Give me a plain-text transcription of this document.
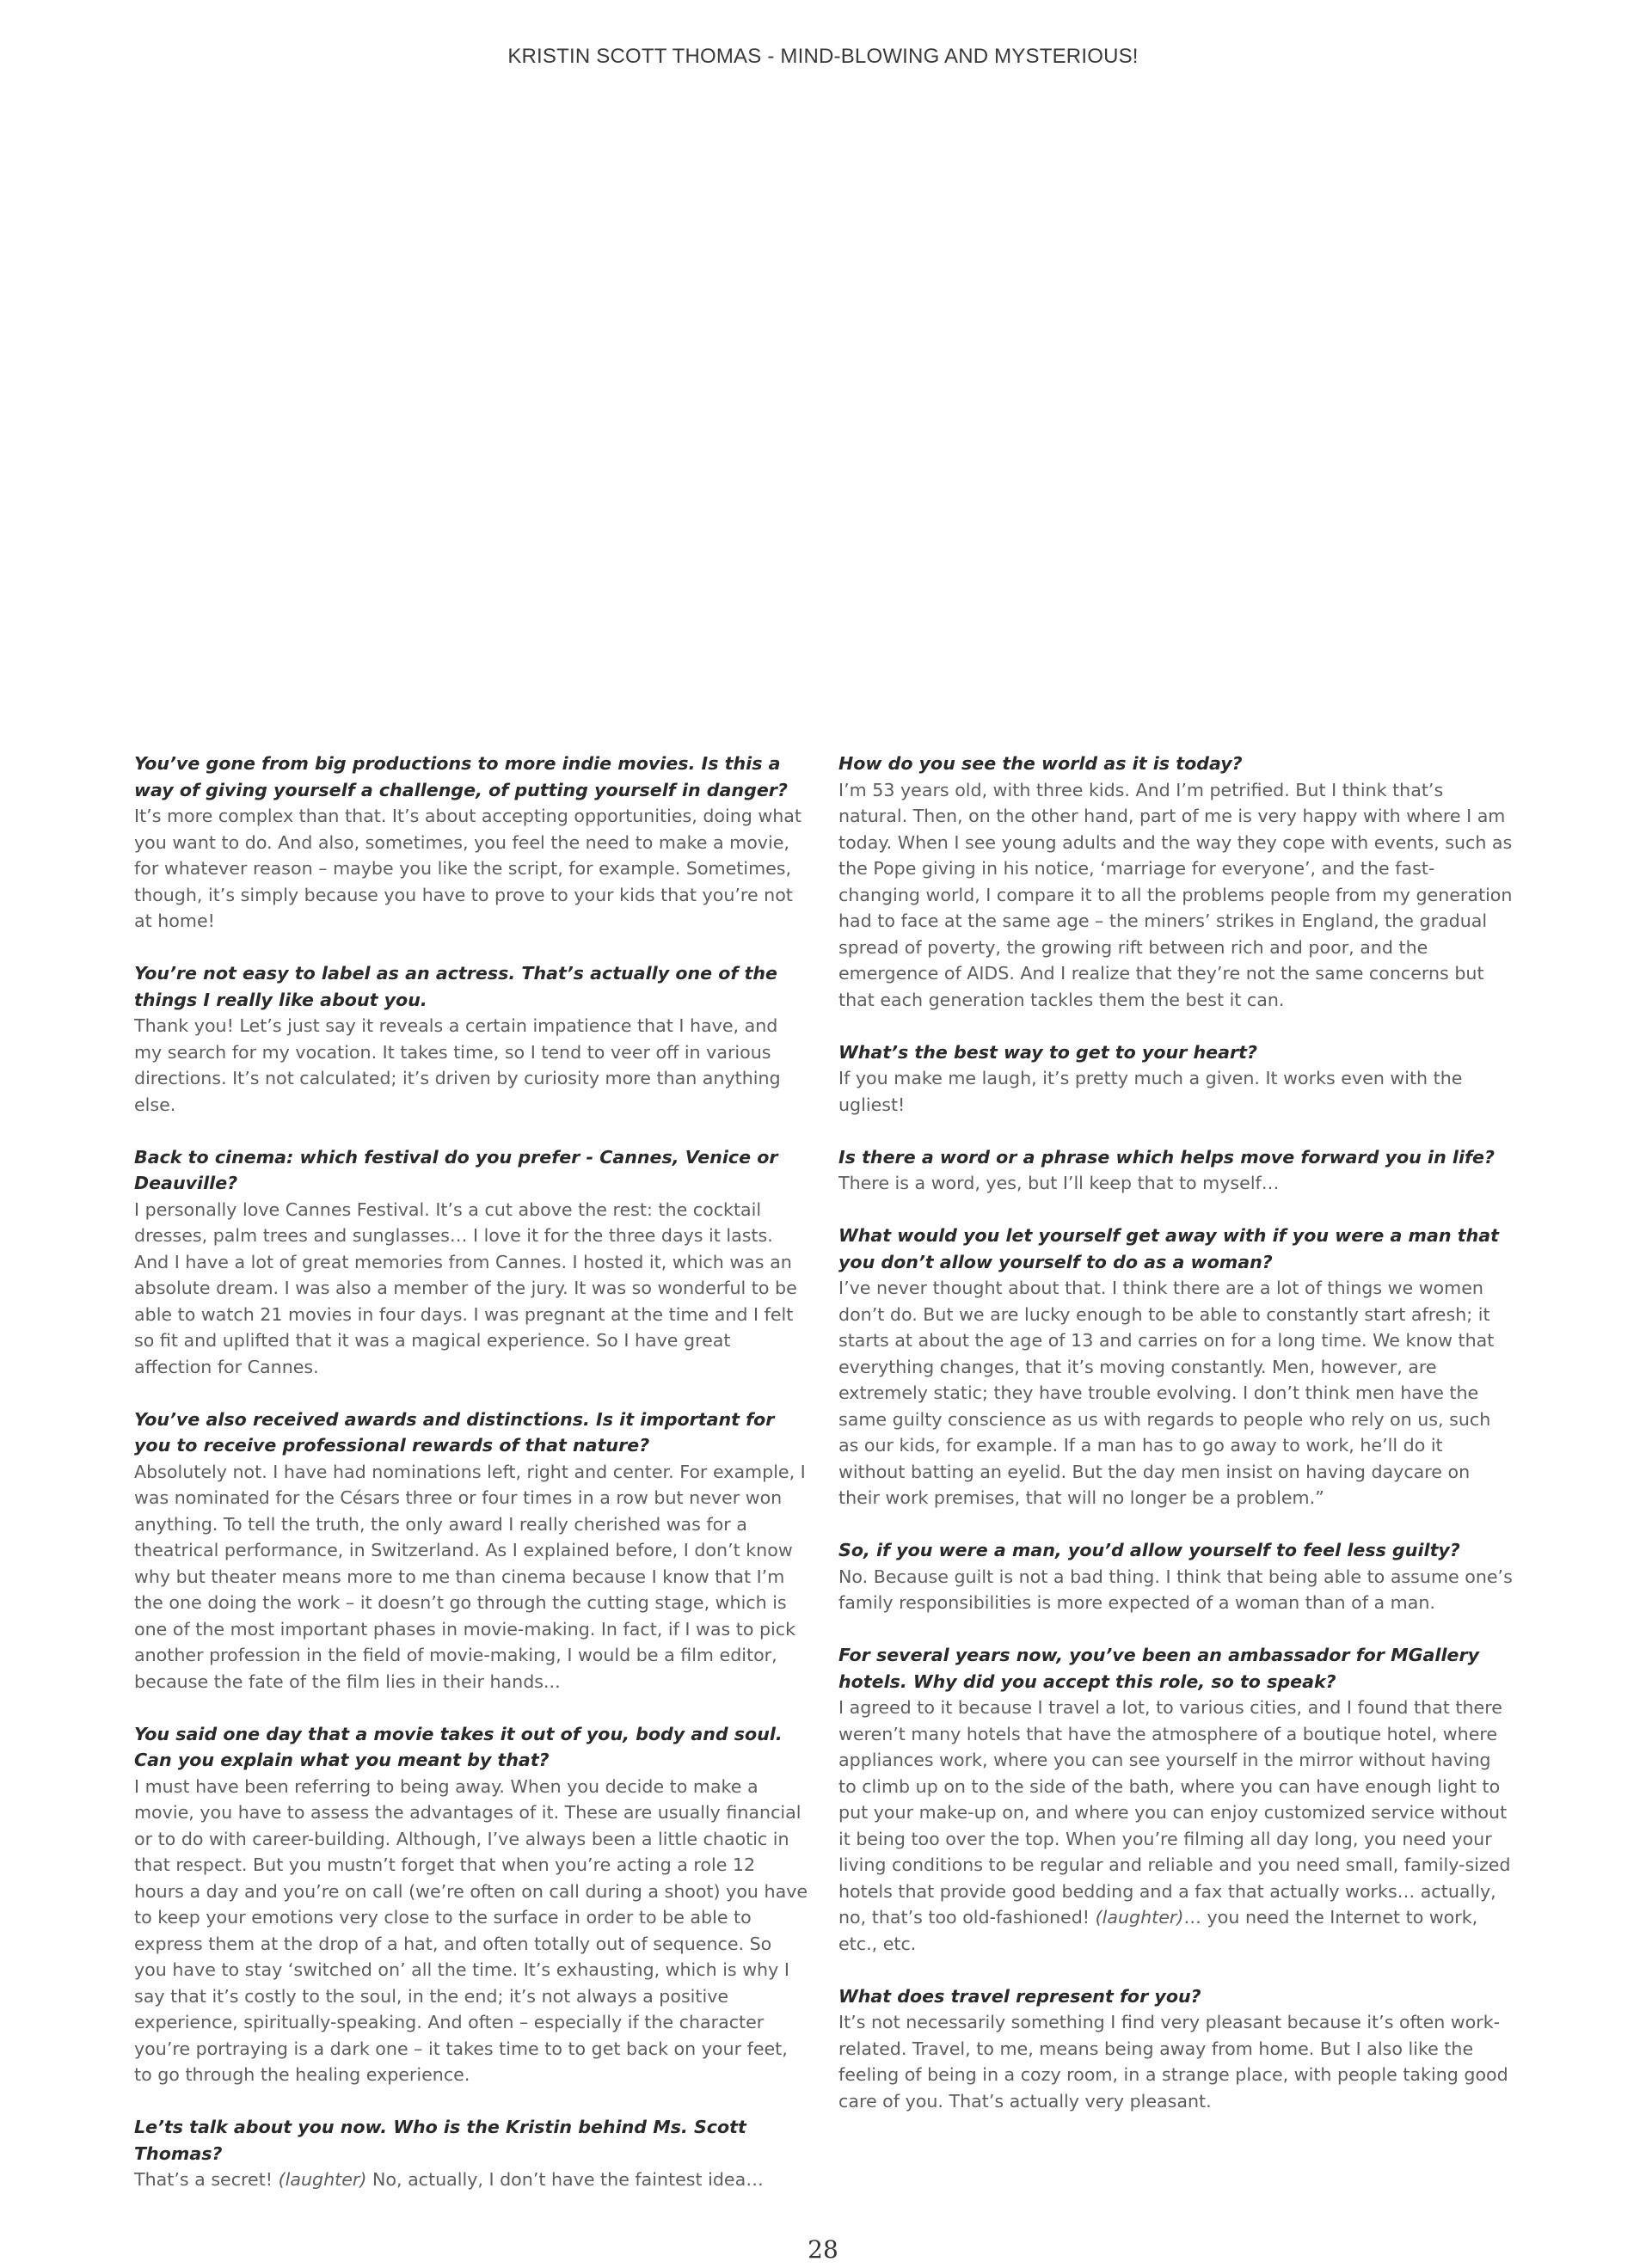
KRISTIN SCOTT THOMAS - MIND-BLOWING AND MYSTERIOUS!

You’ve gone from big productions to more indie movies. Is this a way of giving yourself a challenge, of putting yourself in danger?

It’s more complex than that. It’s about accepting opportunities, doing what you want to do. And also, sometimes, you feel the need to make a movie, for whatever reason – maybe you like the script, for example. Sometimes, though, it’s simply because you have to prove to your kids that you’re not at home!

You’re not easy to label as an actress. That’s actually one of the things I really like about you.

Thank you! Let’s just say it reveals a certain impatience that I have, and my search for my vocation. It takes time, so I tend to veer off in various directions. It’s not calculated; it’s driven by curiosity more than anything else.

Back to cinema: which festival do you prefer - Cannes, Venice or Deauville?

I personally love Cannes Festival. It’s a cut above the rest: the cocktail dresses, palm trees and sunglasses… I love it for the three days it lasts. And I have a lot of great memories from Cannes. I hosted it, which was an absolute dream. I was also a member of the jury. It was so wonderful to be able to watch 21 movies in four days. I was pregnant at the time and I felt so fit and uplifted that it was a magical experience. So I have great affection for Cannes.

You’ve also received awards and distinctions. Is it important for you to receive professional rewards of that nature?

Absolutely not. I have had nominations left, right and center. For example, I was nominated for the Césars three or four times in a row but never won anything. To tell the truth, the only award I really cherished was for a theatrical performance, in Switzerland. As I explained before, I don’t know why but theater means more to me than cinema because I know that I’m the one doing the work – it doesn’t go through the cutting stage, which is one of the most important phases in movie-making. In fact, if I was to pick another profession in the field of movie-making, I would be a film editor, because the fate of the film lies in their hands...

You said one day that a movie takes it out of you, body and soul. Can you explain what you meant by that?

I must have been referring to being away. When you decide to make a movie, you have to assess the advantages of it. These are usually financial or to do with career-building. Although, I’ve always been a little chaotic in that respect. But you mustn’t forget that when you’re acting a role 12 hours a day and you’re on call (we’re often on call during a shoot) you have to keep your emotions very close to the surface in order to be able to express them at the drop of a hat, and often totally out of sequence. So you have to stay ‘switched on’ all the time. It’s exhausting, which is why I say that it’s costly to the soul, in the end; it’s not always a positive experience, spiritually-speaking. And often – especially if the character you’re portraying is a dark one – it takes time to to get back on your feet, to go through the healing experience.

Le’ts talk about you now. Who is the Kristin behind Ms. Scott Thomas?

That’s a secret! (laughter) No, actually, I don’t have the faintest idea…

How do you see the world as it is today?

I’m 53 years old, with three kids. And I’m petrified. But I think that’s natural. Then, on the other hand, part of me is very happy with where I am today. When I see young adults and the way they cope with events, such as the Pope giving in his notice, ‘marriage for everyone’, and the fast-changing world, I compare it to all the problems people from my generation had to face at the same age – the miners’ strikes in England, the gradual spread of poverty, the growing rift between rich and poor, and the emergence of AIDS. And I realize that they’re not the same concerns but that each generation tackles them the best it can.

What’s the best way to get to your heart?

If you make me laugh, it’s pretty much a given. It works even with the ugliest!

Is there a word or a phrase which helps move forward you in life?

There is a word, yes, but I’ll keep that to myself…

What would you let yourself get away with if you were a man that you don’t allow yourself to do as a woman?

I’ve never thought about that. I think there are a lot of things we women don’t do. But we are lucky enough to be able to constantly start afresh; it starts at about the age of 13 and carries on for a long time. We know that everything changes, that it’s moving constantly. Men, however, are extremely static; they have trouble evolving. I don’t think men have the same guilty conscience as us with regards to people who rely on us, such as our kids, for example. If a man has to go away to work, he’ll do it without batting an eyelid. But the day men insist on having daycare on their work premises, that will no longer be a problem.”

So, if you were a man, you’d allow yourself to feel less guilty?

No. Because guilt is not a bad thing. I think that being able to assume one’s family responsibilities is more expected of a woman than of a man.

For several years now, you’ve been an ambassador for MGallery hotels. Why did you accept this role, so to speak?

I agreed to it because I travel a lot, to various cities, and I found that there weren’t many hotels that have the atmosphere of a boutique hotel, where appliances work, where you can see yourself in the mirror without having to climb up on to the side of the bath, where you can have enough light to put your make-up on, and where you can enjoy customized service without it being too over the top. When you’re filming all day long, you need your living conditions to be regular and reliable and you need small, family-sized hotels that provide good bedding and a fax that actually works… actually, no, that’s too old-fashioned! (laughter)… you need the Internet to work, etc., etc.

What does travel represent for you?

It’s not necessarily something I find very pleasant because it’s often work-related. Travel, to me, means being away from home. But I also like the feeling of being in a cozy room, in a strange place, with people taking good care of you. That’s actually very pleasant.

28
